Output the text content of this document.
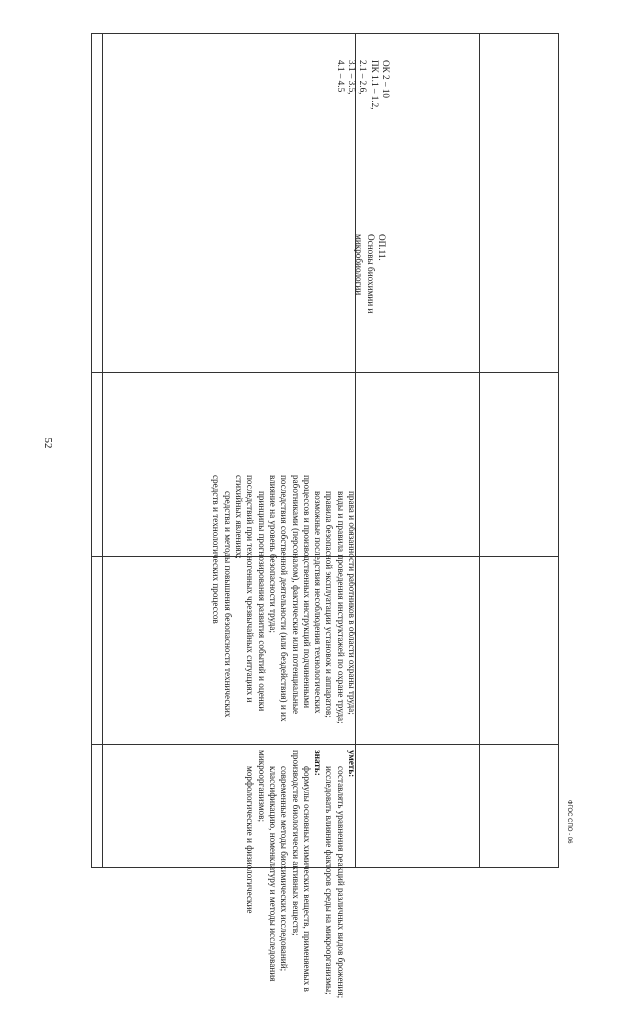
52

права и обязанности работников в области охраны труда;

виды и правила проведения инструктажей по охране труда;

правила безопасной эксплуатации установок и аппаратов;

возможные последствия несоблюдения технологических процессов и производственных инструкций подчиненными работниками (персоналом), фактические или потенциальные последствия собственной деятельности (или бездействия) и их влияние на уровень безопасности труда;

принципы прогнозирования развития событий и оценки последствий при техногенных чрезвычайных ситуациях и стихийных явлениях;

средства и методы повышения безопасности технических средств и технологических процессов

уметь:

составлять уравнения реакций различных видов брожения;

исследовать влияние факторов среды на микроорганизмы;

знать:

формулы основных химических веществ, применяемых в производстве биологически активных веществ;

современные методы биохимических исследований;

классификацию, номенклатуру и методы исследования микроорганизмов;

морфологические и физиологические

ОП.11.

Основы биохимии и микробиологии

ОК 2 – 10

ПК 1.1 – 1.2,

2.1 – 2.6,

3.1 – 3.5,

4.1 – 4.5

ФГОС СПО - 06
